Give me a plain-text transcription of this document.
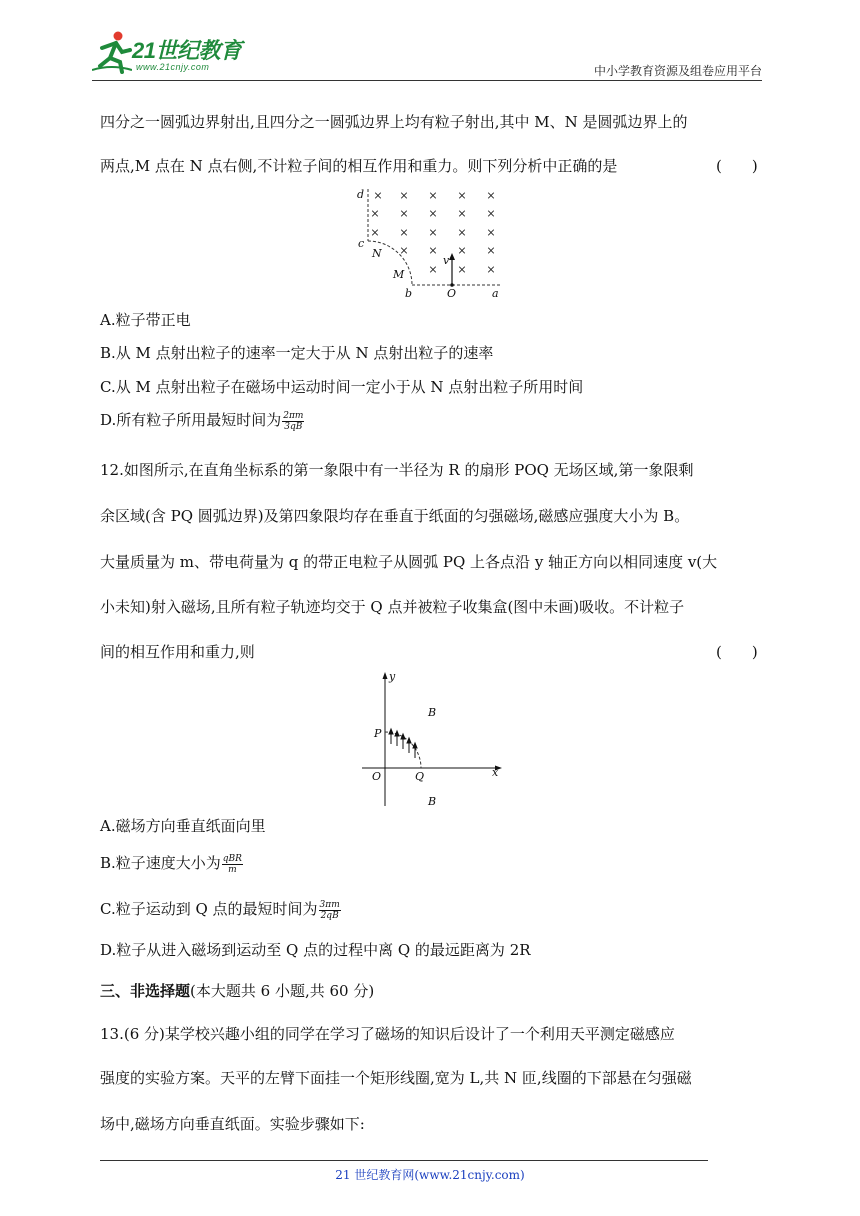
21世纪教育
www.21cnjy.com	中小学教育资源及组卷应用平台
四分之一圆弧边界射出,且四分之一圆弧边界上均有粒子射出,其中 M、N 是圆弧边界上的
两点,M 点在 N 点右侧,不计粒子间的相互作用和重力。则下列分析中正确的是	(　　)
× × × × ×
× × × × ×
× × × × ×
× × × ×
× × ×
d
c
N
M
b	O	a
v
A.粒子带正电
B.从 M 点射出粒子的速率一定大于从 N 点射出粒子的速率
C.从 M 点射出粒子在磁场中运动时间一定小于从 N 点射出粒子所用时间
D.所有粒子所用最短时间为 $\frac{2\pi m}{3qB}$
12.如图所示,在直角坐标系的第一象限中有一半径为 R 的扇形 POQ 无场区域,第一象限剩
余区域(含 PQ 圆弧边界)及第四象限均存在垂直于纸面的匀强磁场,磁感应强度大小为 B。
大量质量为 m、带电荷量为 q 的带正电粒子从圆弧 PQ 上各点沿 y 轴正方向以相同速度 v(大
小未知)射入磁场,且所有粒子轨迹均交于 Q 点并被粒子收集盒(图中未画)吸收。不计粒子
间的相互作用和重力,则	(　　)
y
x
P
O	Q
B
B
A.磁场方向垂直纸面向里
B.粒子速度大小为 $\frac{\text{qBR}}{m}$
C.粒子运动到 Q 点的最短时间为 $\frac{3\pi m}{2qB}$
D.粒子从进入磁场到运动至 Q 点的过程中离 Q 的最远距离为 2R
三、非选择题(本大题共 6 小题,共 60 分)
13.(6 分)某学校兴趣小组的同学在学习了磁场的知识后设计了一个利用天平测定磁感应
强度的实验方案。天平的左臂下面挂一个矩形线圈,宽为 L,共 N 匝,线圈的下部悬在匀强磁
场中,磁场方向垂直纸面。实验步骤如下:
21 世纪教育网(www.21cnjy.com)
